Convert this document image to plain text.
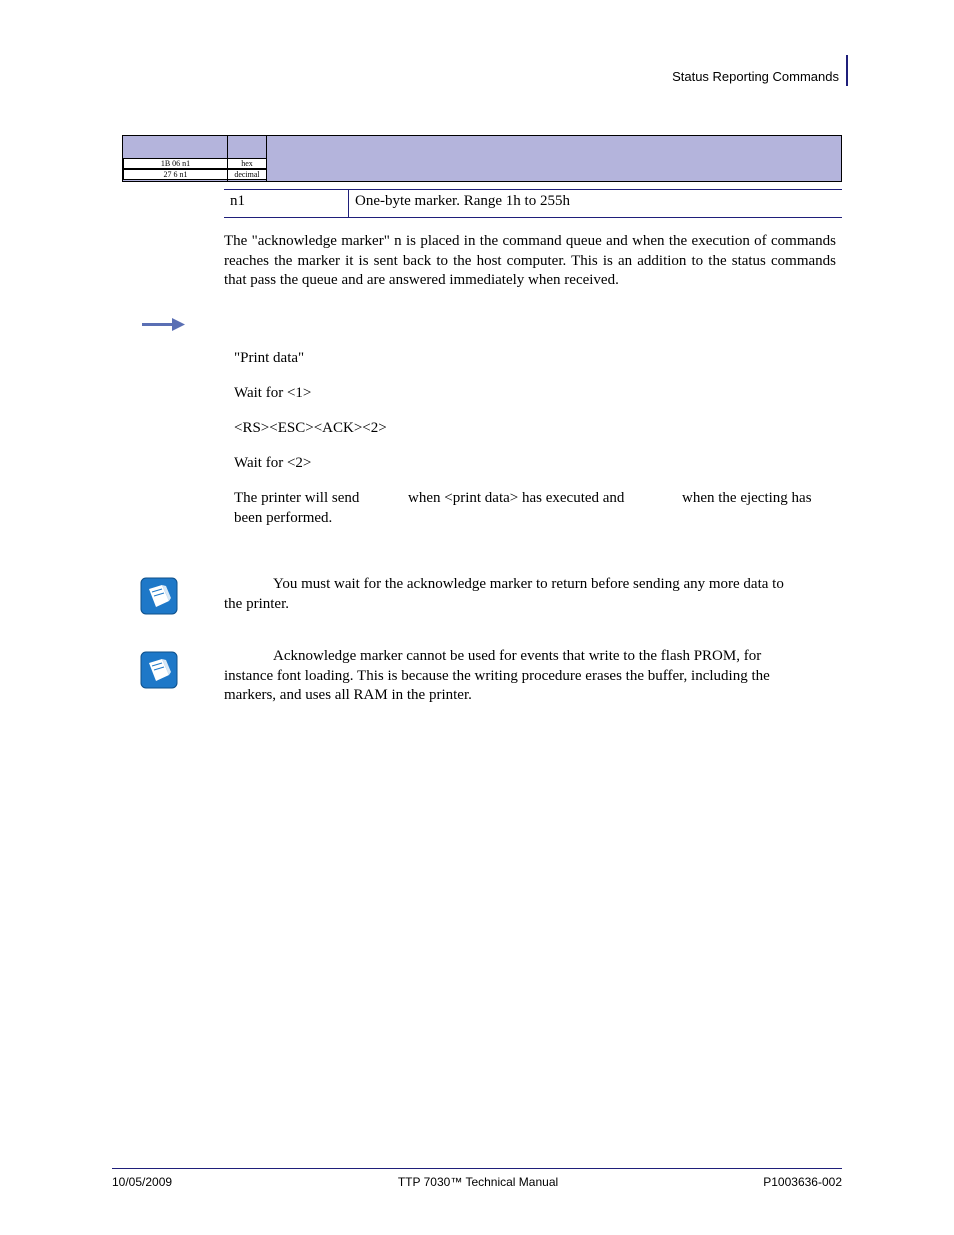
Status Reporting Commands
1B 06 n1	hex
27 6 n1	decimal
n1	One-byte marker. Range 1h to 255h
The "acknowledge marker" n is placed in the command queue and when the execution of commands reaches the marker it is sent back to the host computer. This is an addition to the status commands that pass the queue and are answered immediately when received.
"Print data"
Wait for <1>
<RS><ESC><ACK><2>
Wait for <2>
The printer will send	when <print data> has executed and	when the ejecting has
been performed.
You must wait for the acknowledge marker to return before sending any more data to
the printer.
Acknowledge marker cannot be used for events that write to the flash PROM, for
instance font loading. This is because the writing procedure erases the buffer, including the
markers, and uses all RAM in the printer.
10/05/2009	TTP 7030™ Technical Manual	P1003636-002
